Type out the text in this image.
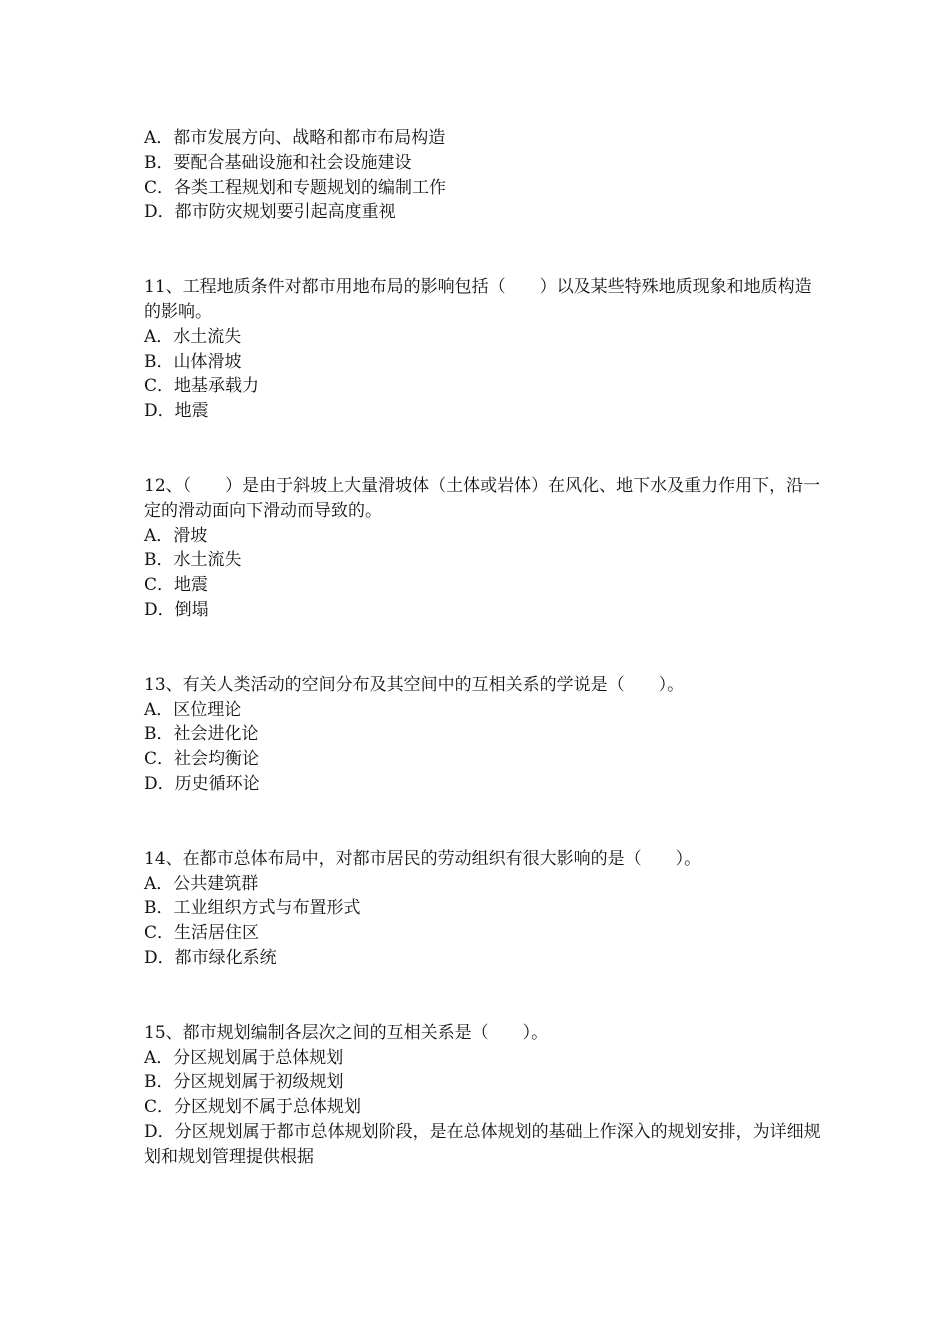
A．都市发展方向、战略和都市布局构造

B．要配合基础设施和社会设施建设

C．各类工程规划和专题规划的编制工作

D．都市防灾规划要引起高度重视

11、工程地质条件对都市用地布局的影响包括（　　）以及某些特殊地质现象和地质构造的影响。

A．水土流失

B．山体滑坡

C．地基承载力

D．地震

12、（　　）是由于斜坡上大量滑坡体（土体或岩体）在风化、地下水及重力作用下，沿一定的滑动面向下滑动而导致的。

A．滑坡

B．水土流失

C．地震

D．倒塌

13、有关人类活动的空间分布及其空间中的互相关系的学说是（　　）。

A．区位理论

B．社会进化论

C．社会均衡论

D．历史循环论

14、在都市总体布局中，对都市居民的劳动组织有很大影响的是（　　）。

A．公共建筑群

B．工业组织方式与布置形式

C．生活居住区

D．都市绿化系统

15、都市规划编制各层次之间的互相关系是（　　）。

A．分区规划属于总体规划

B．分区规划属于初级规划

C．分区规划不属于总体规划

D．分区规划属于都市总体规划阶段，是在总体规划的基础上作深入的规划安排，为详细规划和规划管理提供根据
